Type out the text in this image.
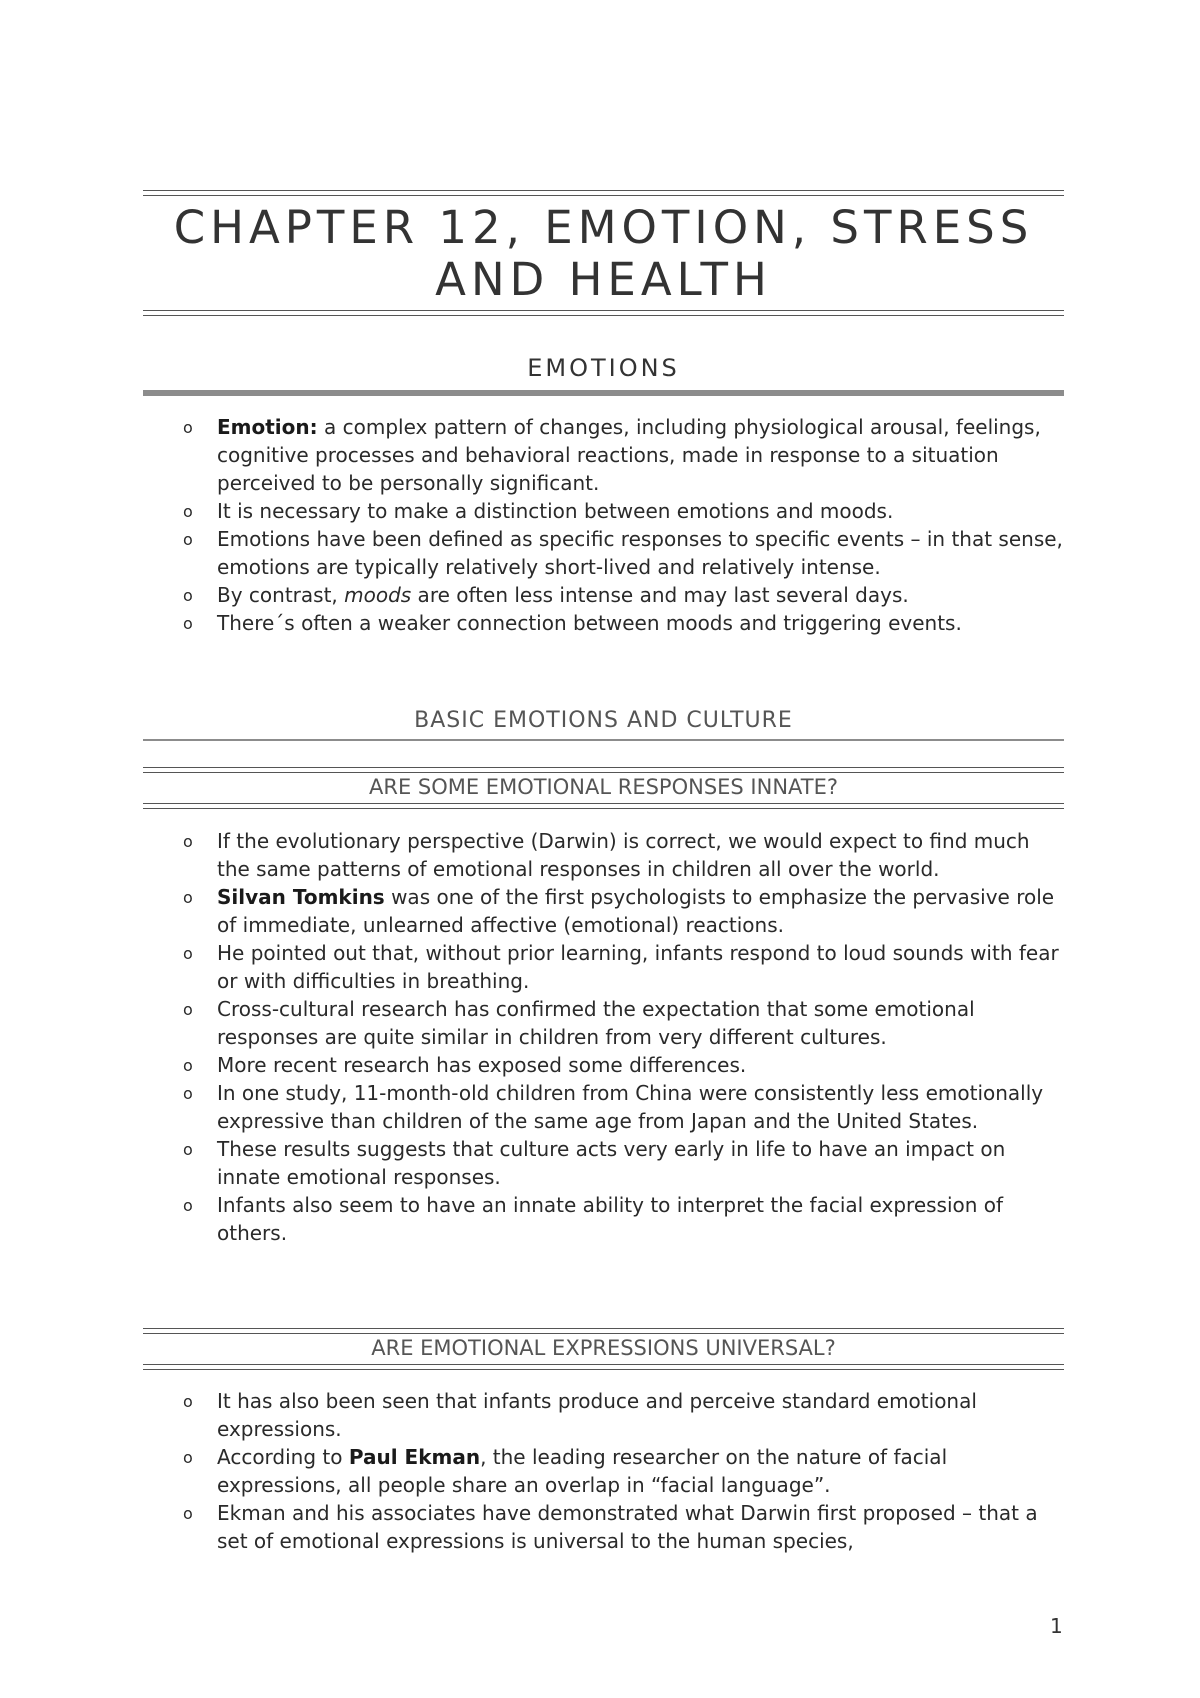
CHAPTER 12, EMOTION, STRESS AND HEALTH
EMOTIONS
o Emotion: a complex pattern of changes, including physiological arousal, feelings, cognitive processes and behavioral reactions, made in response to a situation perceived to be personally significant.
o It is necessary to make a distinction between emotions and moods.
o Emotions have been defined as specific responses to specific events – in that sense, emotions are typically relatively short-lived and relatively intense.
o By contrast, moods are often less intense and may last several days.
o There´s often a weaker connection between moods and triggering events.
BASIC EMOTIONS AND CULTURE
ARE SOME EMOTIONAL RESPONSES INNATE?
o If the evolutionary perspective (Darwin) is correct, we would expect to find much the same patterns of emotional responses in children all over the world.
o Silvan Tomkins was one of the first psychologists to emphasize the pervasive role of immediate, unlearned affective (emotional) reactions.
o He pointed out that, without prior learning, infants respond to loud sounds with fear or with difficulties in breathing.
o Cross-cultural research has confirmed the expectation that some emotional responses are quite similar in children from very different cultures.
o More recent research has exposed some differences.
o In one study, 11-month-old children from China were consistently less emotionally expressive than children of the same age from Japan and the United States.
o These results suggests that culture acts very early in life to have an impact on innate emotional responses.
o Infants also seem to have an innate ability to interpret the facial expression of others.
ARE EMOTIONAL EXPRESSIONS UNIVERSAL?
o It has also been seen that infants produce and perceive standard emotional expressions.
o According to Paul Ekman, the leading researcher on the nature of facial expressions, all people share an overlap in “facial language”.
o Ekman and his associates have demonstrated what Darwin first proposed – that a set of emotional expressions is universal to the human species,
1
